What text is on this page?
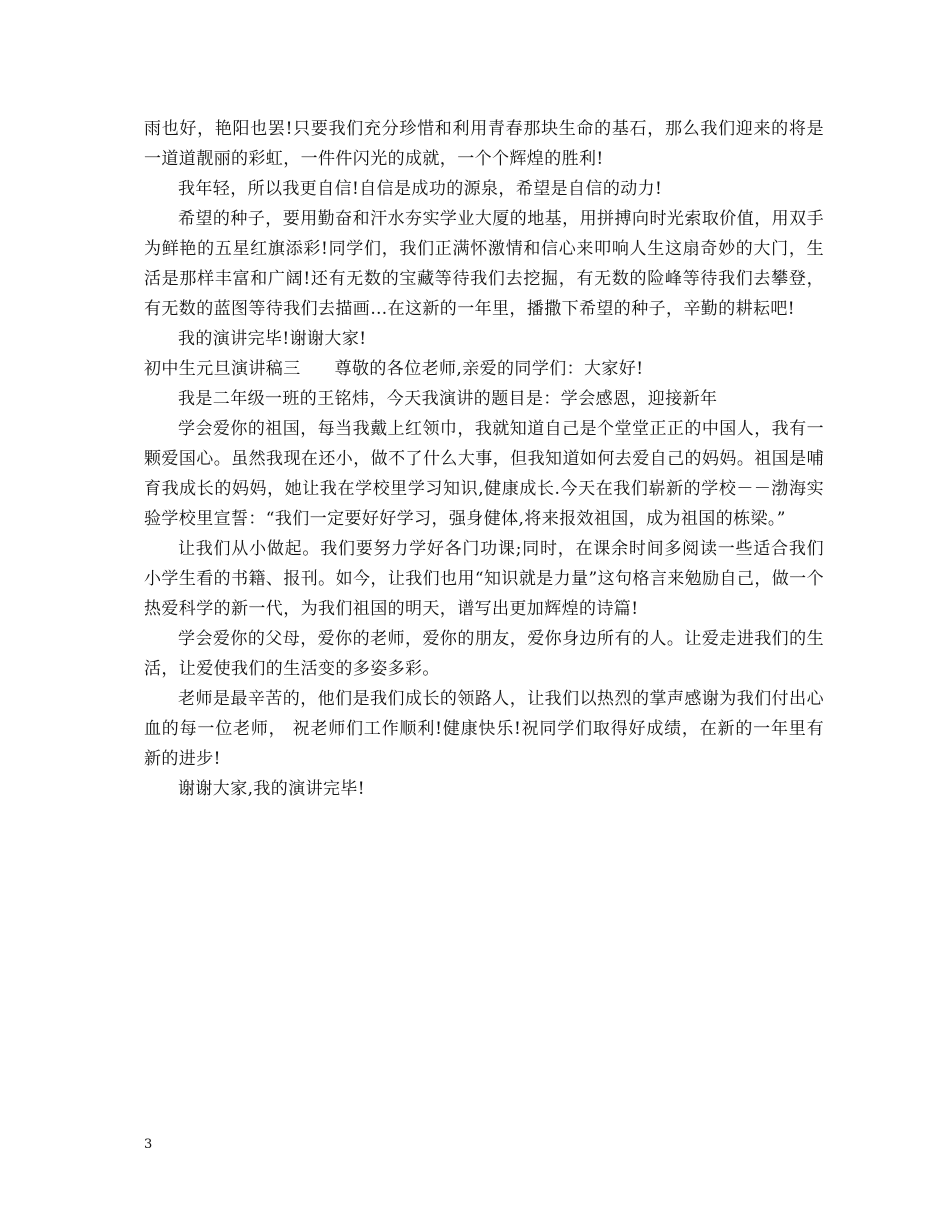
雨也好，艳阳也罢!只要我们充分珍惜和利用青春那块生命的基石，那么我们迎来的将是一道道靓丽的彩虹，一件件闪光的成就，一个个辉煌的胜利!

我年轻，所以我更自信!自信是成功的源泉，希望是自信的动力!

希望的种子，要用勤奋和汗水夯实学业大厦的地基，用拼搏向时光索取价值，用双手为鲜艳的五星红旗添彩!同学们，我们正满怀激情和信心来叩响人生这扇奇妙的大门，生活是那样丰富和广阔!还有无数的宝藏等待我们去挖掘，有无数的险峰等待我们去攀登，有无数的蓝图等待我们去描画…在这新的一年里，播撒下希望的种子，辛勤的耕耘吧!

我的演讲完毕!谢谢大家!

初中生元旦演讲稿三 尊敬的各位老师,亲爱的同学们：大家好!

我是二年级一班的王铭炜，今天我演讲的题目是：学会感恩，迎接新年

学会爱你的祖国，每当我戴上红领巾，我就知道自己是个堂堂正正的中国人，我有一颗爱国心。虽然我现在还小，做不了什么大事，但我知道如何去爱自己的妈妈。祖国是哺育我成长的妈妈，她让我在学校里学习知识,健康成长.今天在我们崭新的学校－－渤海实验学校里宣誓：“我们一定要好好学习，强身健体,将来报效祖国，成为祖国的栋梁。”

让我们从小做起。我们要努力学好各门功课;同时，在课余时间多阅读一些适合我们小学生看的书籍、报刊。如今，让我们也用“知识就是力量”这句格言来勉励自己，做一个热爱科学的新一代，为我们祖国的明天，谱写出更加辉煌的诗篇!

学会爱你的父母，爱你的老师，爱你的朋友，爱你身边所有的人。让爱走进我们的生活，让爱使我们的生活变的多姿多彩。

老师是最辛苦的，他们是我们成长的领路人，让我们以热烈的掌声感谢为我们付出心血的每一位老师， 祝老师们工作顺利!健康快乐!祝同学们取得好成绩，在新的一年里有新的进步!

谢谢大家,我的演讲完毕!

3
